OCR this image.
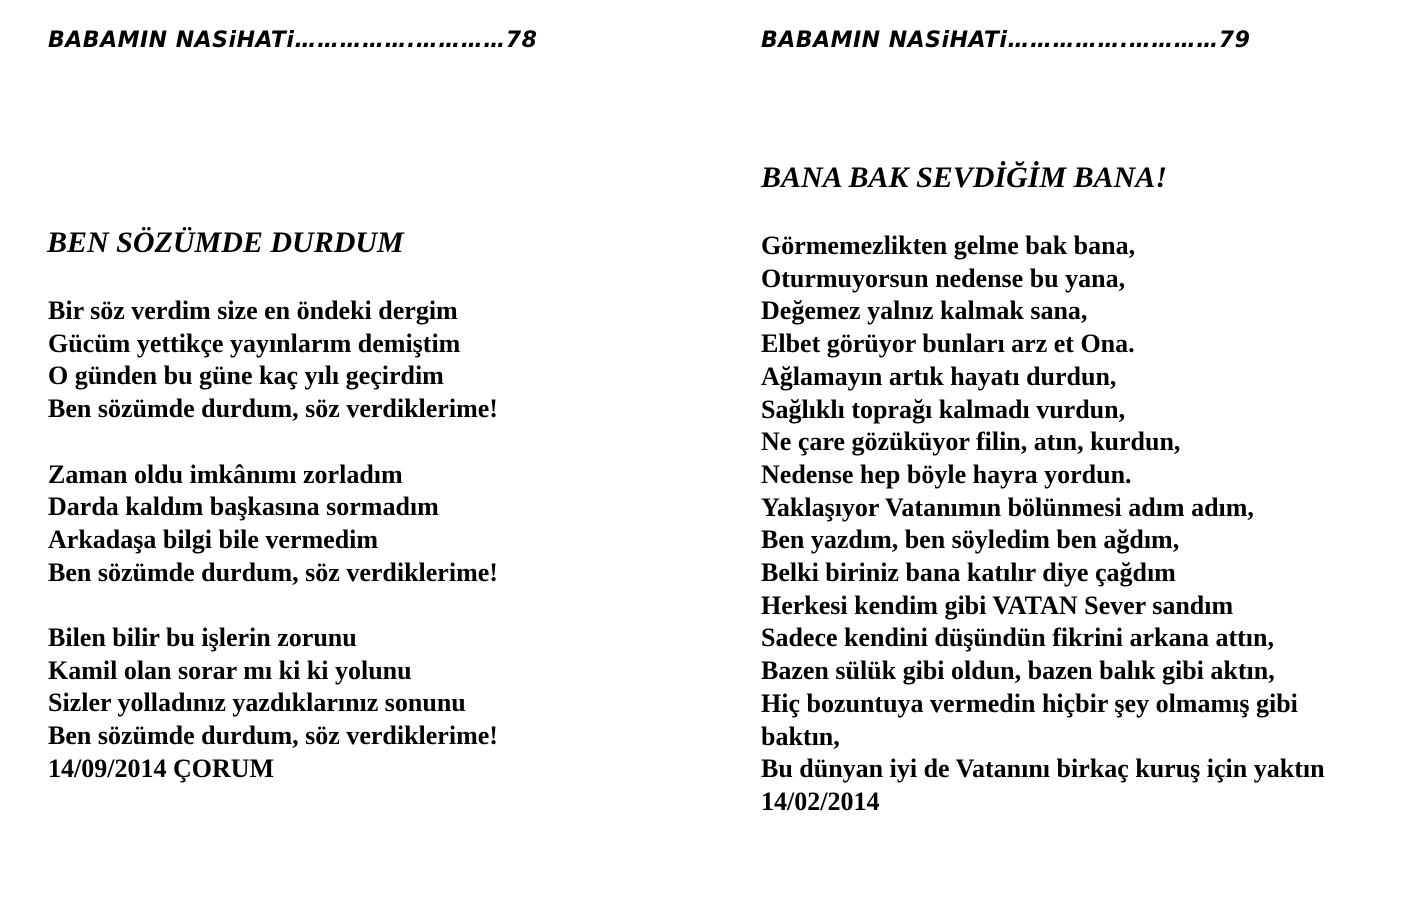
BABAMIN NASiHATi…………….…………78
BEN SÖZÜMDE DURDUM
Bir söz verdim size en öndeki dergim
Gücüm yettikçe yayınlarım demiştim
O günden bu güne kaç yılı geçirdim
Ben sözümde durdum, söz verdiklerime!
Zaman oldu imkânımı zorladım
Darda kaldım başkasına sormadım
Arkadaşa bilgi bile vermedim
Ben sözümde durdum, söz verdiklerime!
Bilen bilir bu işlerin zorunu
Kamil olan sorar mı ki ki yolunu
Sizler yolladınız yazdıklarınız sonunu
Ben sözümde durdum, söz verdiklerime!
14/09/2014 ÇORUM
BABAMIN NASiHATi…………….…………79
BANA BAK SEVDİĞİM BANA!
Görmemezlikten gelme bak bana,
Oturmuyorsun nedense bu yana,
Değemez yalnız kalmak sana,
Elbet görüyor bunları arz et Ona.
Ağlamayın artık hayatı durdun,
Sağlıklı toprağı kalmadı vurdun,
Ne çare gözüküyor filin, atın, kurdun,
Nedense hep böyle hayra yordun.
Yaklaşıyor Vatanımın bölünmesi adım adım,
Ben yazdım, ben söyledim ben ağdım,
Belki biriniz bana katılır diye çağdım
Herkesi kendim gibi VATAN Sever sandım
Sadece kendini düşündün fikrini arkana attın,
Bazen sülük gibi oldun, bazen balık gibi aktın,
Hiç bozuntuya vermedin hiçbir şey olmamış gibi
baktın,
Bu dünyan iyi de Vatanını birkaç kuruş için yaktın
14/02/2014
